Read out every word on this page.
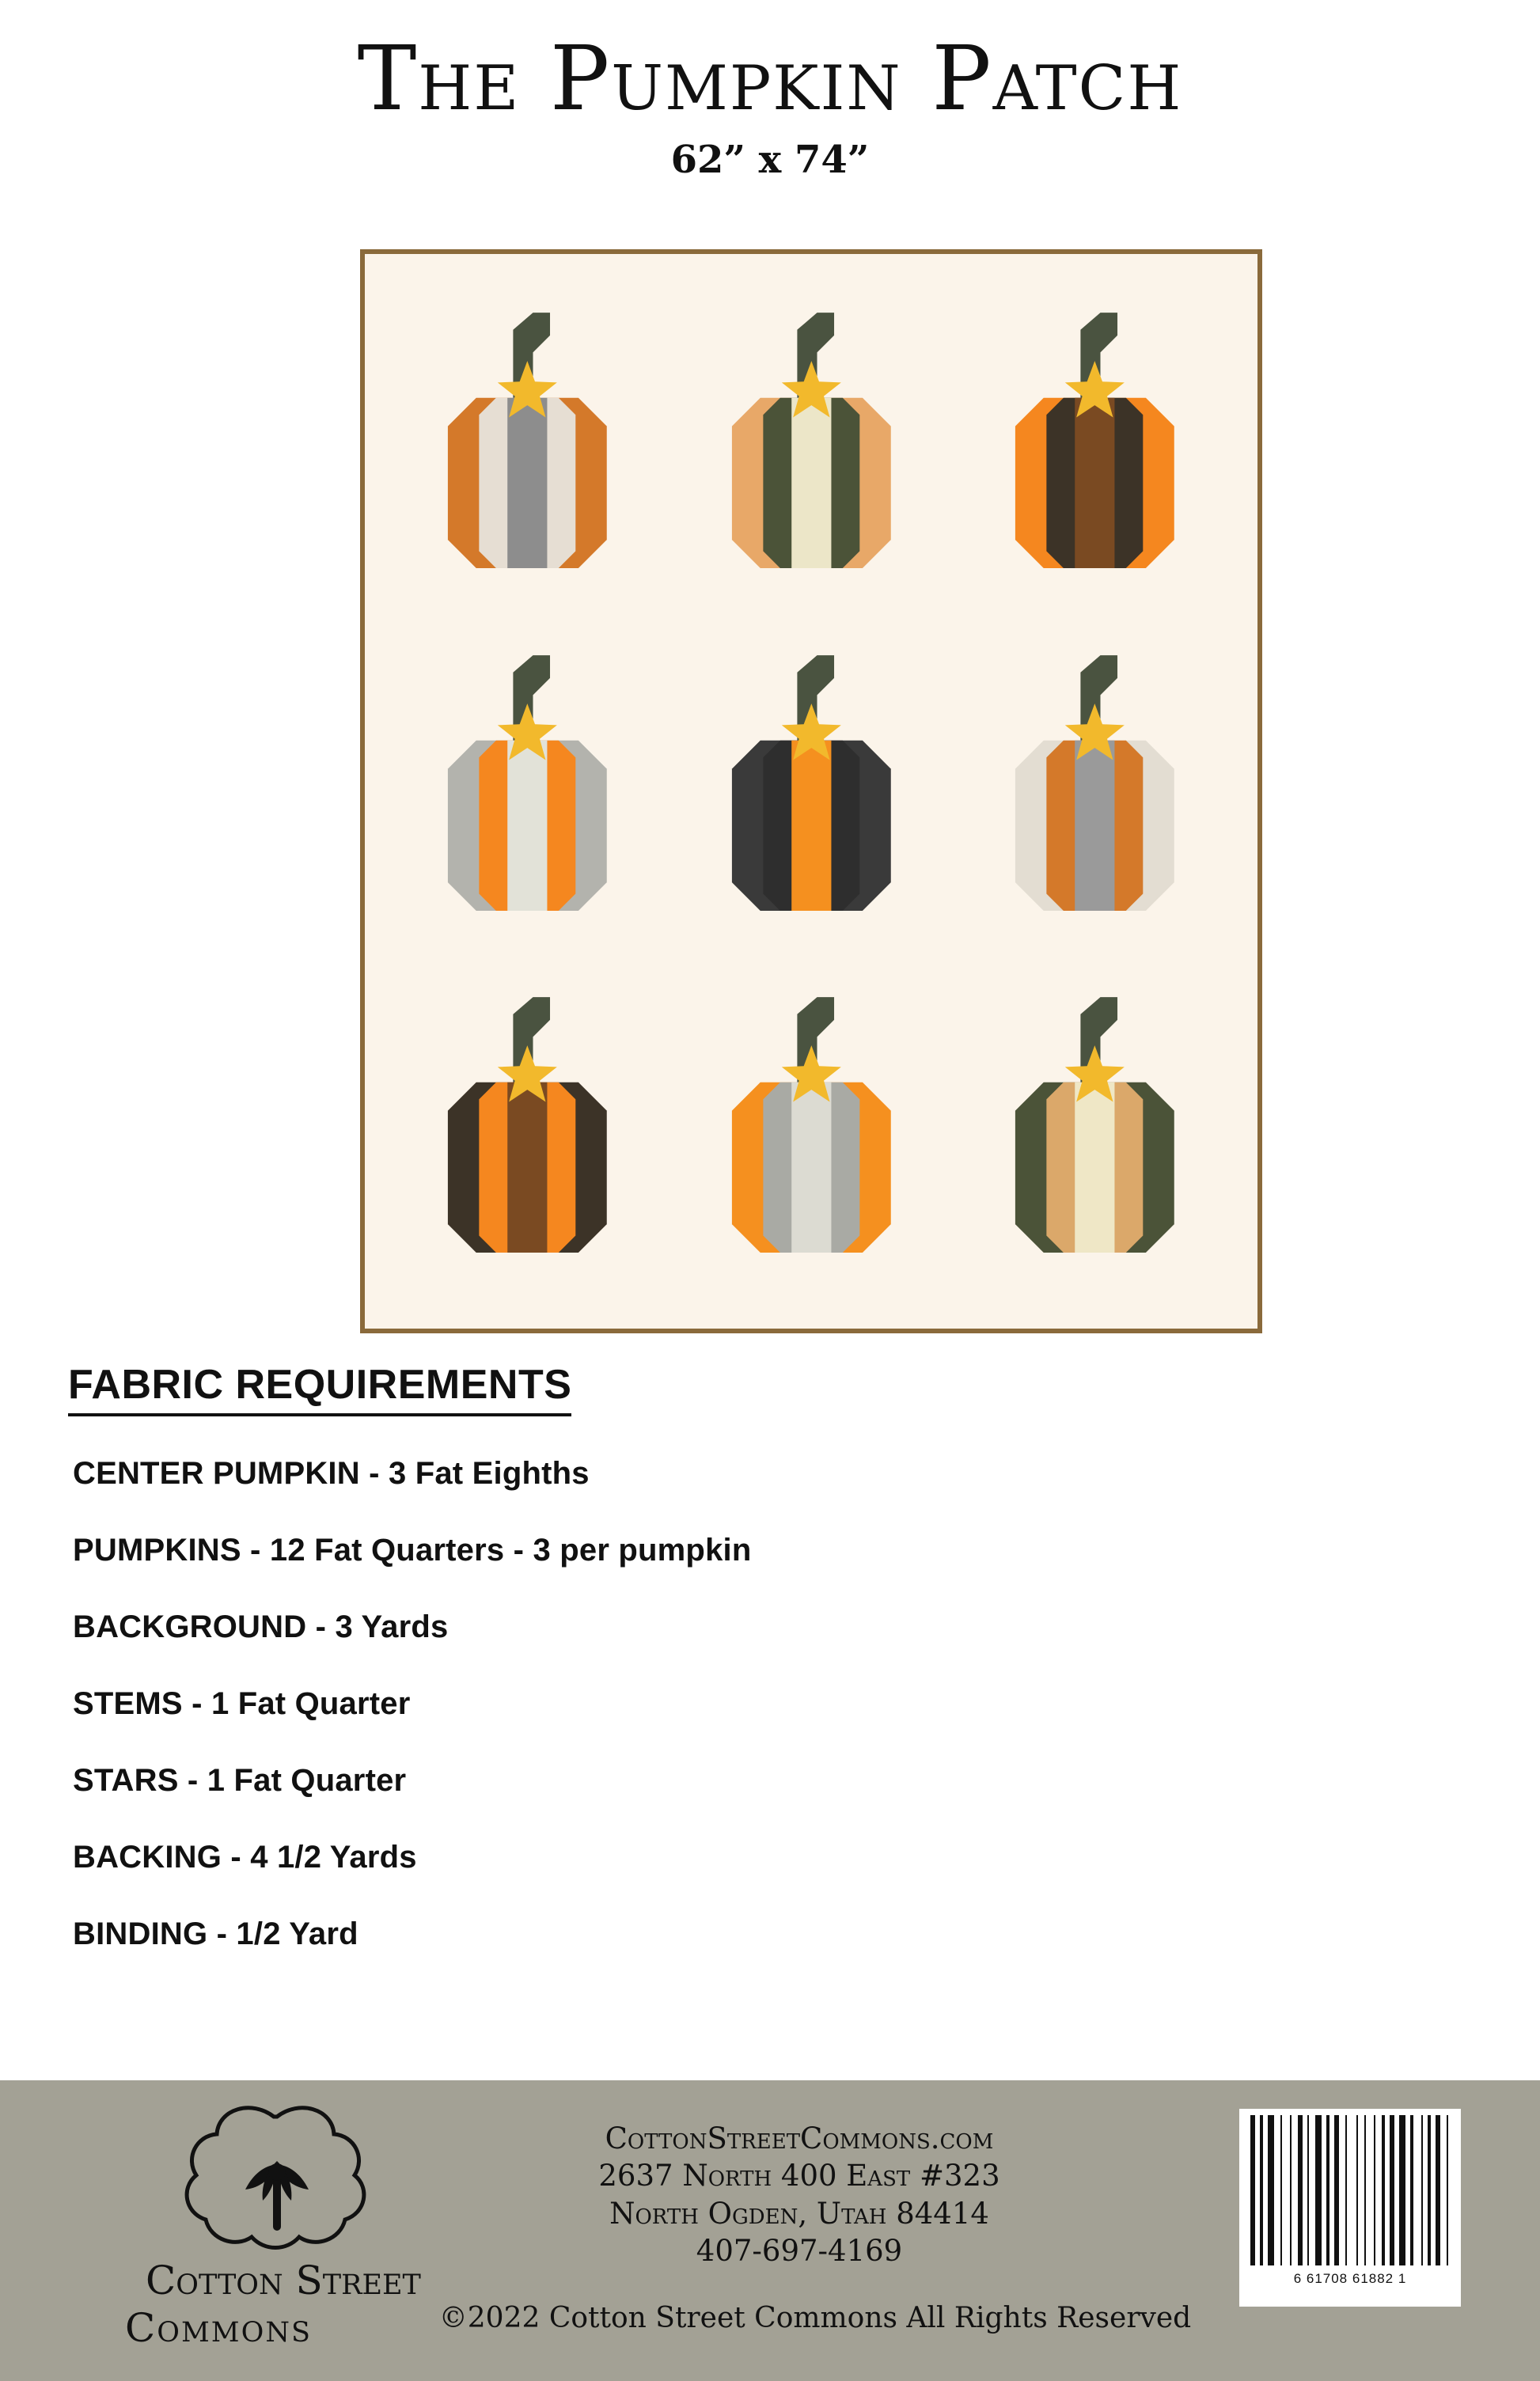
The Pumpkin Patch
62” x 74”
FABRIC REQUIREMENTS
CENTER PUMPKIN - 3 Fat Eighths
PUMPKINS - 12 Fat Quarters - 3 per pumpkin
BACKGROUND - 3 Yards
STEMS - 1 Fat Quarter
STARS - 1 Fat Quarter
BACKING - 4 1/2 Yards
BINDING - 1/2 Yard
Cotton Street
Commons
CottonStreetCommons.com
2637 North 400 East #323
North Ogden, Utah 84414
407-697-4169
©2022 Cotton Street Commons All Rights Reserved
6 61708 61882 1
